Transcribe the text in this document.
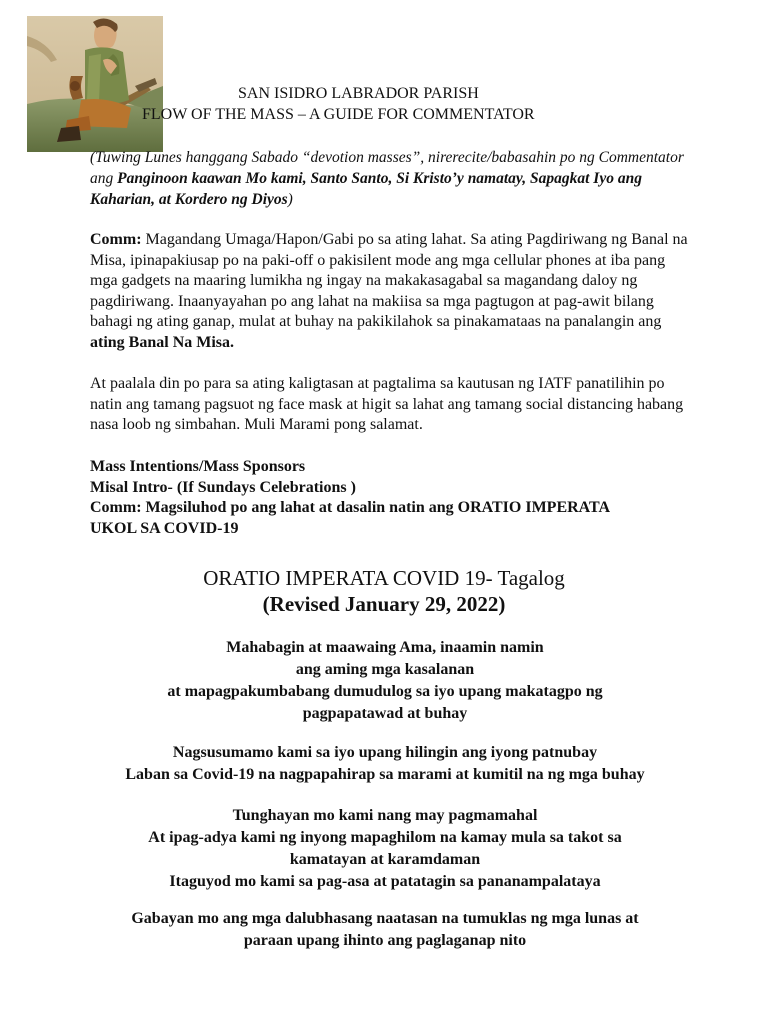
SAN ISIDRO LABRADOR PARISH
FLOW OF THE MASS – A GUIDE FOR COMMENTATOR
(Tuwing Lunes hanggang Sabado “devotion masses”, nirerecite/babasahin po ng Commentator ang Panginoon kaawan Mo kami, Santo Santo, Si Kristo’y namatay, Sapagkat Iyo ang Kaharian, at Kordero ng Diyos)
Comm: Magandang Umaga/Hapon/Gabi po sa ating lahat. Sa ating Pagdiriwang ng Banal na Misa, ipinapakiusap po na paki-off o pakisilent mode ang mga cellular phones at iba pang mga gadgets na maaring lumikha ng ingay na makakasagabal sa magandang daloy ng pagdiriwang. Inaanyayahan po ang lahat na makiisa sa mga pagtugon at pag-awit bilang bahagi ng ating ganap, mulat at buhay na pakikilahok sa pinakamataas na panalangin ang ating Banal Na Misa.
At paalala din po para sa ating kaligtasan at pagtalima sa kautusan ng IATF panatilihin po natin ang tamang pagsuot ng face mask at higit sa lahat ang tamang social distancing habang nasa loob ng simbahan. Muli Marami pong salamat.
Mass Intentions/Mass Sponsors
Misal Intro- (If Sundays Celebrations )
Comm: Magsiluhod po ang lahat at dasalin natin ang ORATIO IMPERATA
UKOL SA COVID-19
ORATIO IMPERATA COVID 19- Tagalog
(Revised January 29, 2022)
Mahabagin at maawaing Ama, inaamin namin
ang aming mga kasalanan
at mapagpakumbabang dumudulog sa iyo upang makatagpo ng
pagpapatawad at buhay
Nagsusumamo kami sa iyo upang hilingin ang iyong patnubay
Laban sa Covid-19 na nagpapahirap sa marami at kumitil na ng mga buhay
Tunghayan mo kami nang may pagmamahal
At ipag-adya kami ng inyong mapaghilom na kamay mula sa takot sa
kamatayan at karamdaman
Itaguyod mo kami sa pag-asa at patatagin sa pananampalataya
Gabayan mo ang mga dalubhasang naatasan na tumuklas ng mga lunas at
paraan upang ihinto ang paglaganap nito
